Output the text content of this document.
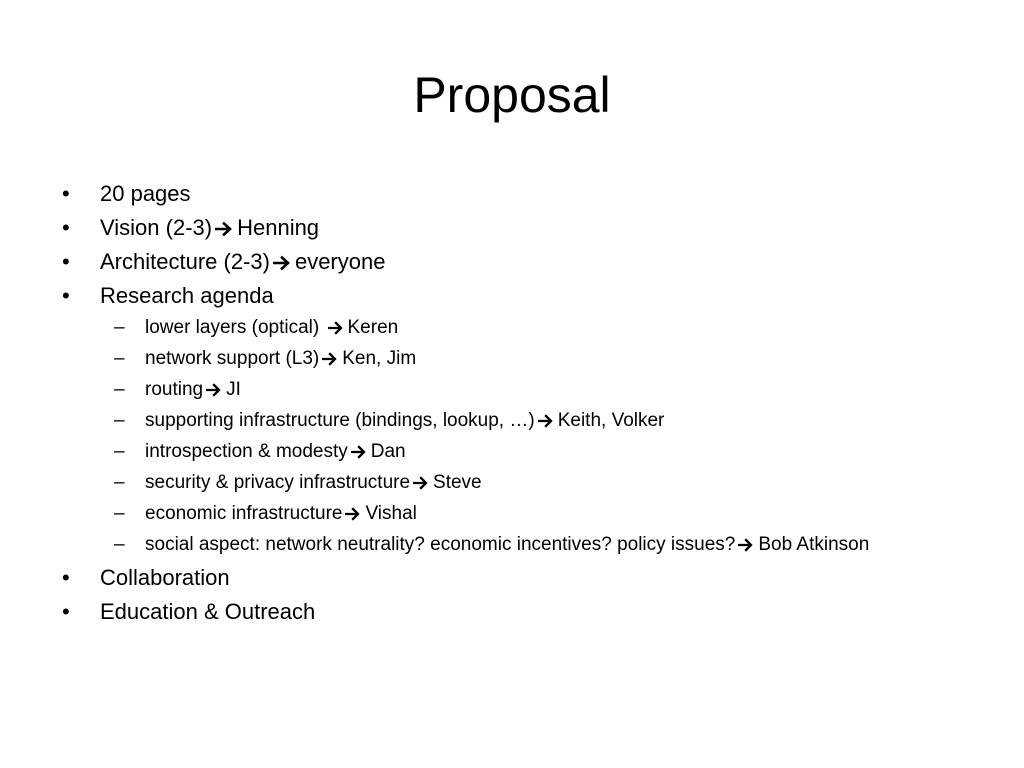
Proposal
•	20 pages
•	Vision (2-3) Henning
•	Architecture (2-3) everyone
•	Research agenda
–	lower layers (optical)
Keren
–	network support (L3) Ken, Jim
–	routing JI
–	supporting infrastructure (bindings, lookup, …) Keith, Volker
–	introspection & modesty Dan
–	security & privacy infrastructure Steve
–	economic infrastructure Vishal
–	social aspect: network neutrality? economic incentives? policy issues? Bob Atkinson
•	Collaboration
•	Education & Outreach
